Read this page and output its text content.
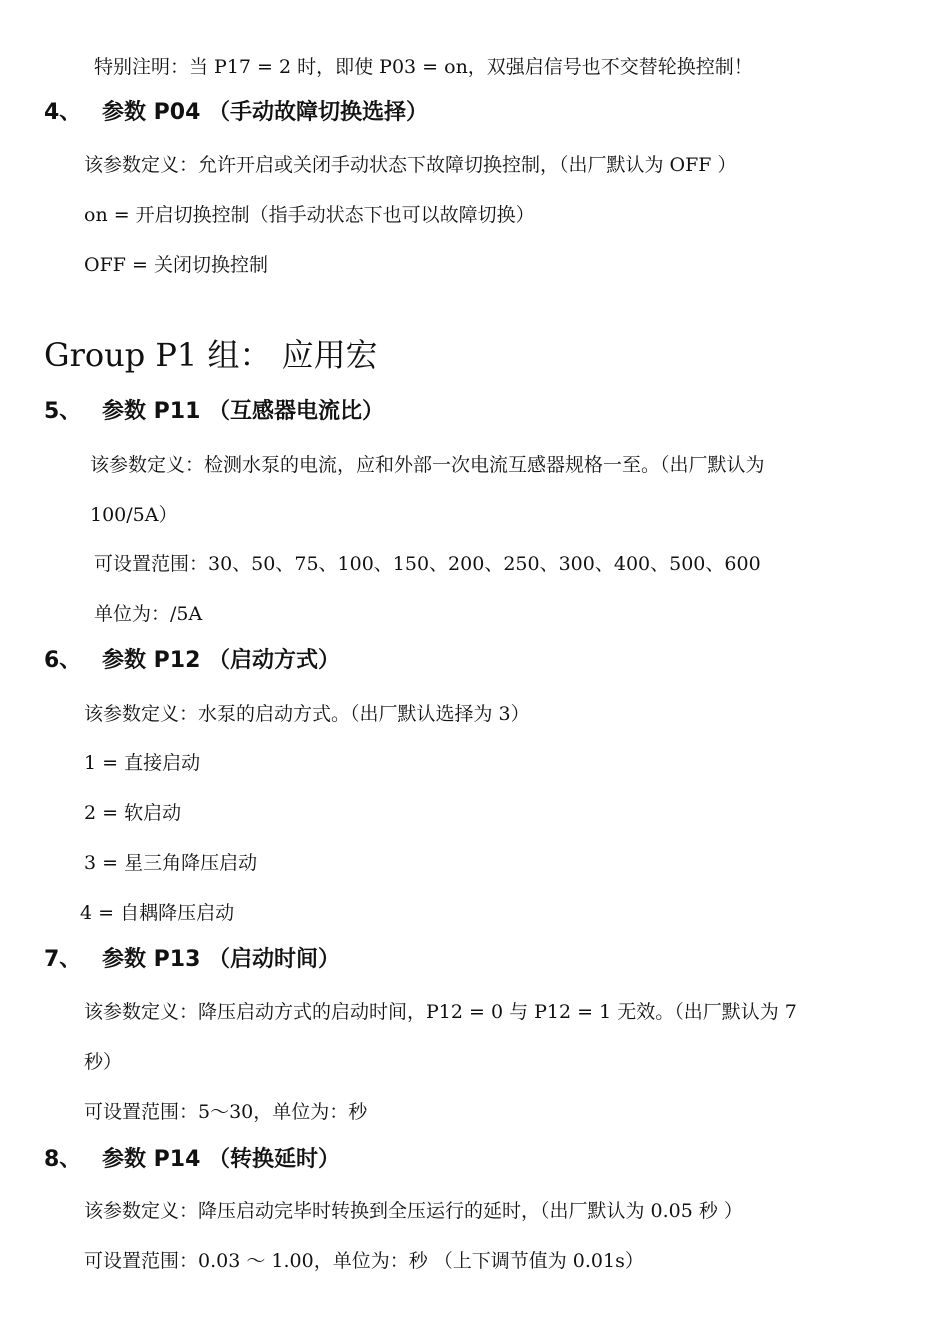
特别注明：当 P17 = 2 时，即使 P03 = on，双强启信号也不交替轮换控制！
4、 参数 P04 （手动故障切换选择）
该参数定义：允许开启或关闭手动状态下故障切换控制，（出厂默认为 OFF ）
on = 开启切换控制（指手动状态下也可以故障切换）
OFF = 关闭切换控制
Group P1 组： 应用宏
5、 参数 P11 （互感器电流比）
该参数定义：检测水泵的电流，应和外部一次电流互感器规格一至。（出厂默认为
100/5A）
可设置范围：30、50、75、100、150、200、250、300、400、500、600
单位为：/5A
6、 参数 P12 （启动方式）
该参数定义：水泵的启动方式。（出厂默认选择为 3）
1 = 直接启动
2 = 软启动
3 = 星三角降压启动
4 = 自耦降压启动
7、 参数 P13 （启动时间）
该参数定义：降压启动方式的启动时间，P12 = 0 与 P12 = 1 无效。（出厂默认为 7
秒）
可设置范围：5～30，单位为：秒
8、 参数 P14 （转换延时）
该参数定义：降压启动完毕时转换到全压运行的延时，（出厂默认为 0.05 秒 ）
可设置范围：0.03 ～ 1.00，单位为：秒 （上下调节值为 0.01s）
